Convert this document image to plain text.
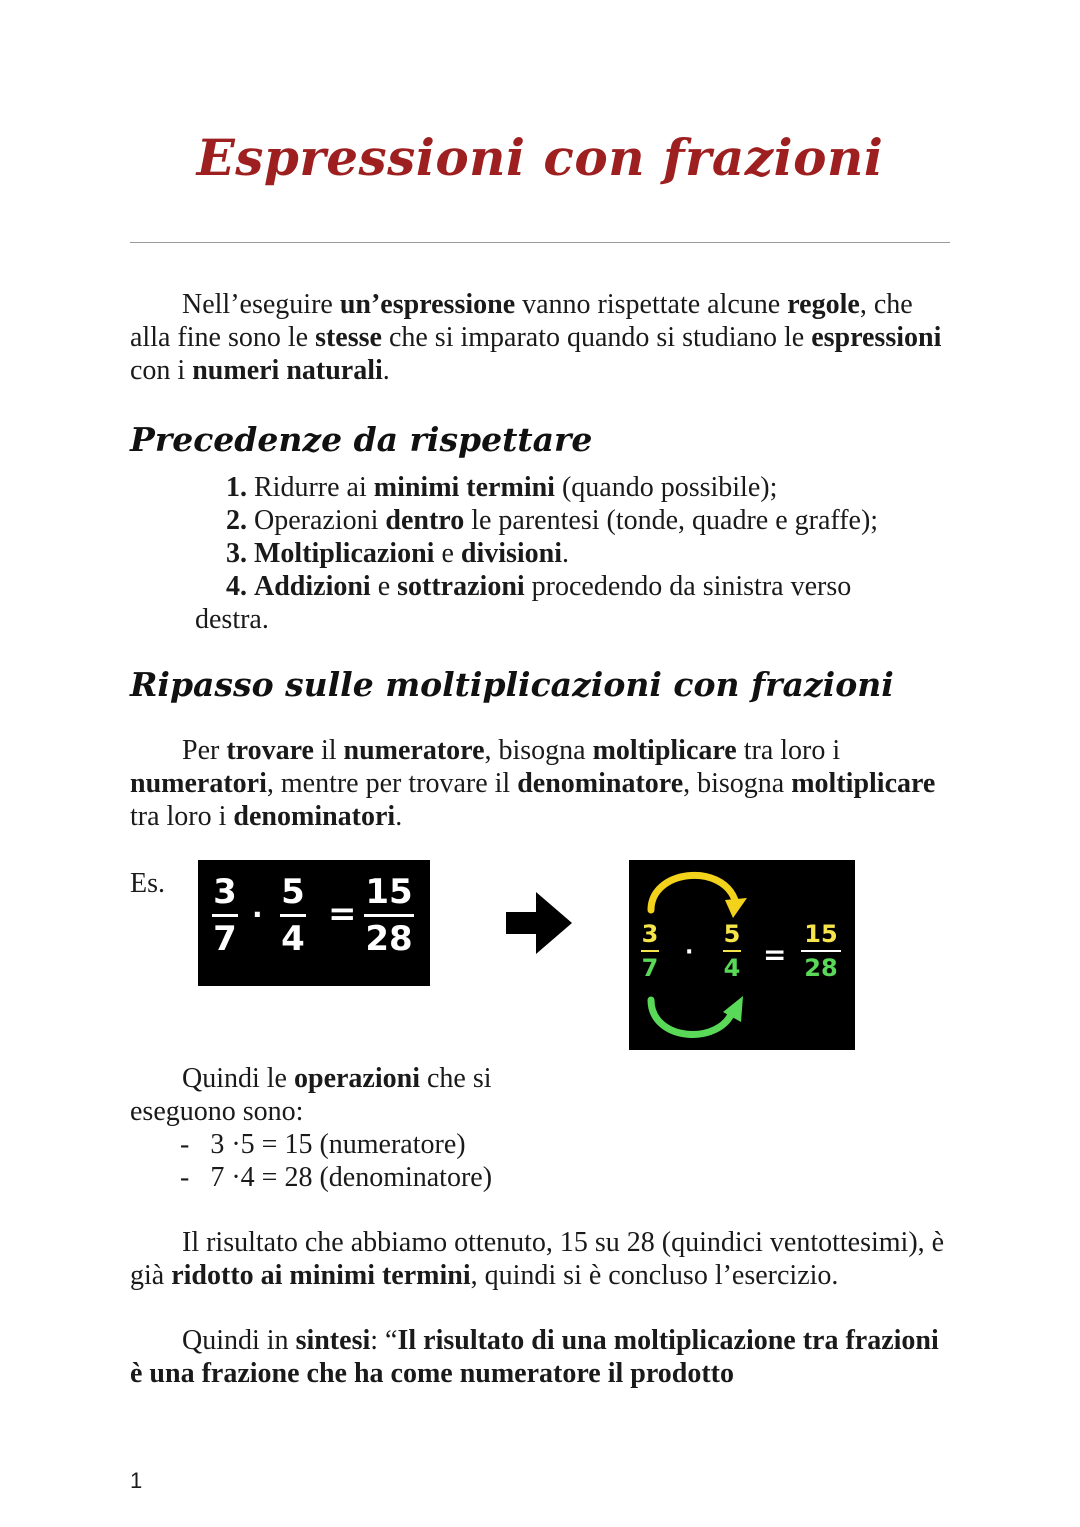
Espressioni con frazioni
Nell’eseguire un’espressione vanno rispettate alcune regole, che alla fine sono le stesse che si imparato quando si studiano le espressioni con i numeri naturali.
Precedenze da rispettare
1. Ridurre ai minimi termini (quando possibile);
2. Operazioni dentro le parentesi (tonde, quadre e graffe);
3. Moltiplicazioni e divisioni.
4. Addizioni e sottrazioni procedendo da sinistra verso
destra.
Ripasso sulle moltiplicazioni con frazioni
Per trovare il numeratore, bisogna moltiplicare tra loro i numeratori, mentre per trovare il denominatore, bisogna moltiplicare tra loro i denominatori.
Es. 3
7
·
5
4
=
15
28	3
7
·
5
4 =
15
28
Quindi le operazioni che si
eseguono sono:
- 3 ·5 = 15 (numeratore)
- 7 ·4 = 28 (denominatore)
Il risultato che abbiamo ottenuto, 15 su 28 (quindici ventottesimi), è già ridotto ai minimi termini, quindi si è concluso l’esercizio.
Quindi in sintesi: “Il risultato di una moltiplicazione tra frazioni è una frazione che ha come numeratore il prodotto
1
